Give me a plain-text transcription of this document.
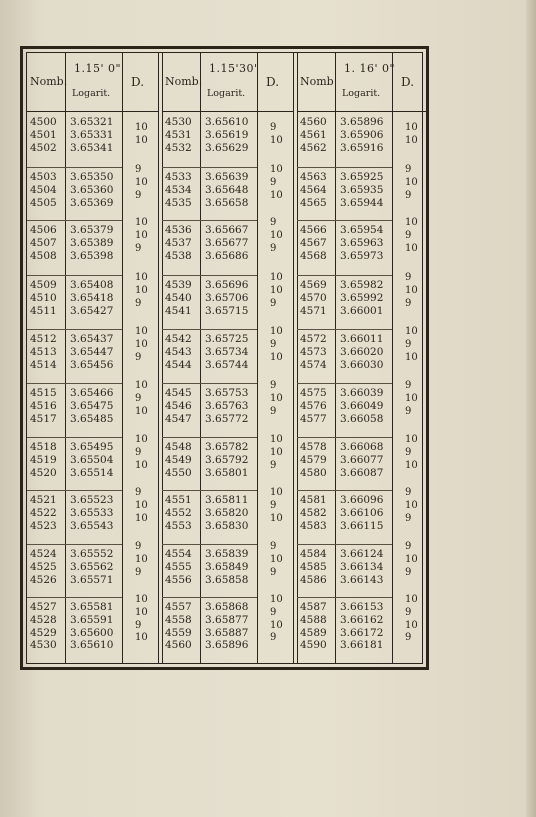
Nomb.
1.15' 0"
Logarit.
D.
4500 3.65321
4501 3.65331
4502 3.65341
10
10
4503 3.65350
4504 3.65360
4505 3.65369
9
10
9
4506 3.65379
4507 3.65389
4508 3.65398
10
10
9
4509 3.65408
4510 3.65418
4511 3.65427
10
10
9
4512 3.65437
4513 3.65447
4514 3.65456
10
10
9
4515 3.65466
4516 3.65475
4517 3.65485
10
9
10
4518 3.65495
4519 3.65504
4520 3.65514
10
9
10
4521 3.65523
4522 3.65533
4523 3.65543
9
10
10
4524 3.65552
4525 3.65562
4526 3.65571
9
10
9
4527 3.65581
4528 3.65591
4529 3.65600
4530 3.65610
10
10
9
10
Nomb.
1.15'30"
Logarit.
D.
4530 3.65610
4531 3.65619
4532 3.65629
9
10
4533 3.65639
4534 3.65648
4535 3.65658
10
9
10
4536 3.65667
4537 3.65677
4538 3.65686
9
10
9
4539 3.65696
4540 3.65706
4541 3.65715
10
10
9
4542 3.65725
4543 3.65734
4544 3.65744
10
9
10
4545 3.65753
4546 3.65763
4547 3.65772
9
10
9
4548 3.65782
4549 3.65792
4550 3.65801
10
10
9
4551 3.65811
4552 3.65820
4553 3.65830
10
9
10
4554 3.65839
4555 3.65849
4556 3.65858
9
10
9
4557 3.65868
4558 3.65877
4559 3.65887
4560 3.65896
10
9
10
9
Nomb
1. 16' 0"
Logarit.
D.
4560 3.65896
4561 3.65906
4562 3.65916
10
10
4563 3.65925
4564 3.65935
4565 3.65944
9
10
9
4566 3.65954
4567 3.65963
4568 3.65973
10
9
10
4569 3.65982
4570 3.65992
4571 3.66001
9
10
9
4572 3.66011
4573 3.66020
4574 3.66030
10
9
10
4575 3.66039
4576 3.66049
4577 3.66058
9
10
9
4578 3.66068
4579 3.66077
4580 3.66087
10
9
10
4581 3.66096
4582 3.66106
4583 3.66115
9
10
9
4584 3.66124
4585 3.66134
4586 3.66143
9
10
9
4587 3.66153
4588 3.66162
4589 3.66172
4590 3.66181
10
9
10
9
